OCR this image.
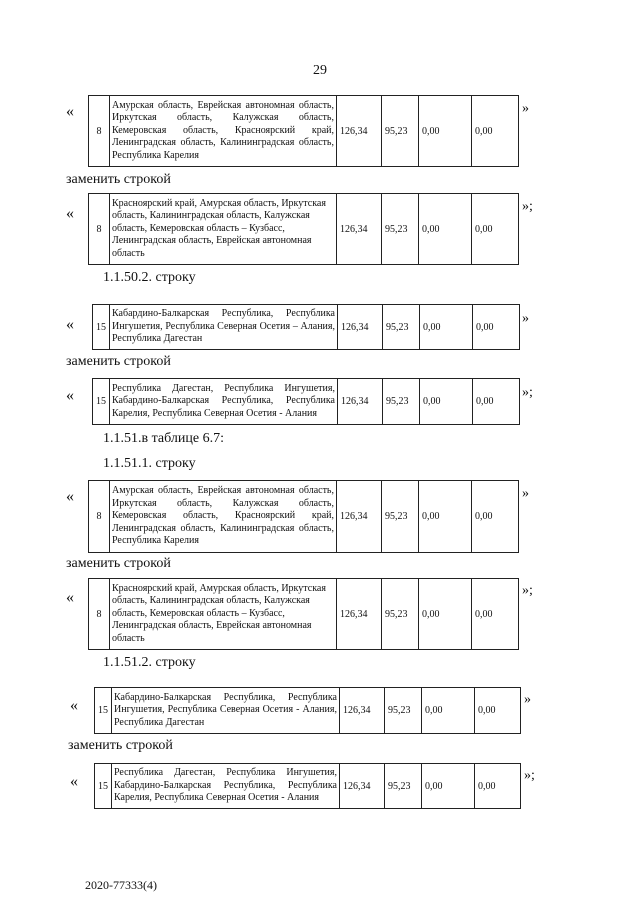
29
«
8	Амурская область, Еврейская автономная область, Иркутская область, Калужская область, Кемеровская область, Красноярский край, Ленинградская область, Калининградская область, Республика Карелия	126,34	95,23	0,00	0,00
»
заменить строкой
«
8	Красноярский край, Амурская область, Иркутская область, Калининградская область, Калужская область, Кемеровская область – Кузбасс, Ленинградская область, Еврейская автономная область	126,34	95,23	0,00	0,00
»;
1.1.50.2. строку
« 15	Кабардино-Балкарская Республика, Республика Ингушетия, Республика Северная Осетия – Алания, Республика Дагестан	126,34	95,23	0,00	0,00
»
заменить строкой
« 15	Республика Дагестан, Республика Ингушетия, Кабардино-Балкарская Республика, Республика Карелия, Республика Северная Осетия - Алания	126,34	95,23	0,00	0,00
»;
1.1.51.в таблице 6.7:
1.1.51.1. строку
«
8	Амурская область, Еврейская автономная область, Иркутская область, Калужская область, Кемеровская область, Красноярский край, Ленинградская область, Калининградская область, Республика Карелия	126,34	95,23	0,00	0,00
»
заменить строкой
«
8	Красноярский край, Амурская область, Иркутская область, Калининградская область, Калужская область, Кемеровская область – Кузбасс, Ленинградская область, Еврейская автономная область	126,34	95,23	0,00	0,00
»;
1.1.51.2. строку
« 15	Кабардино-Балкарская Республика, Республика Ингушетия, Республика Северная Осетия - Алания, Республика Дагестан	126,34	95,23	0,00	0,00
»
заменить строкой
« 15	Республика Дагестан, Республика Ингушетия, Кабардино-Балкарская Республика, Республика Карелия, Республика Северная Осетия - Алания	126,34	95,23	0,00	0,00
»;
2020-77333(4)
